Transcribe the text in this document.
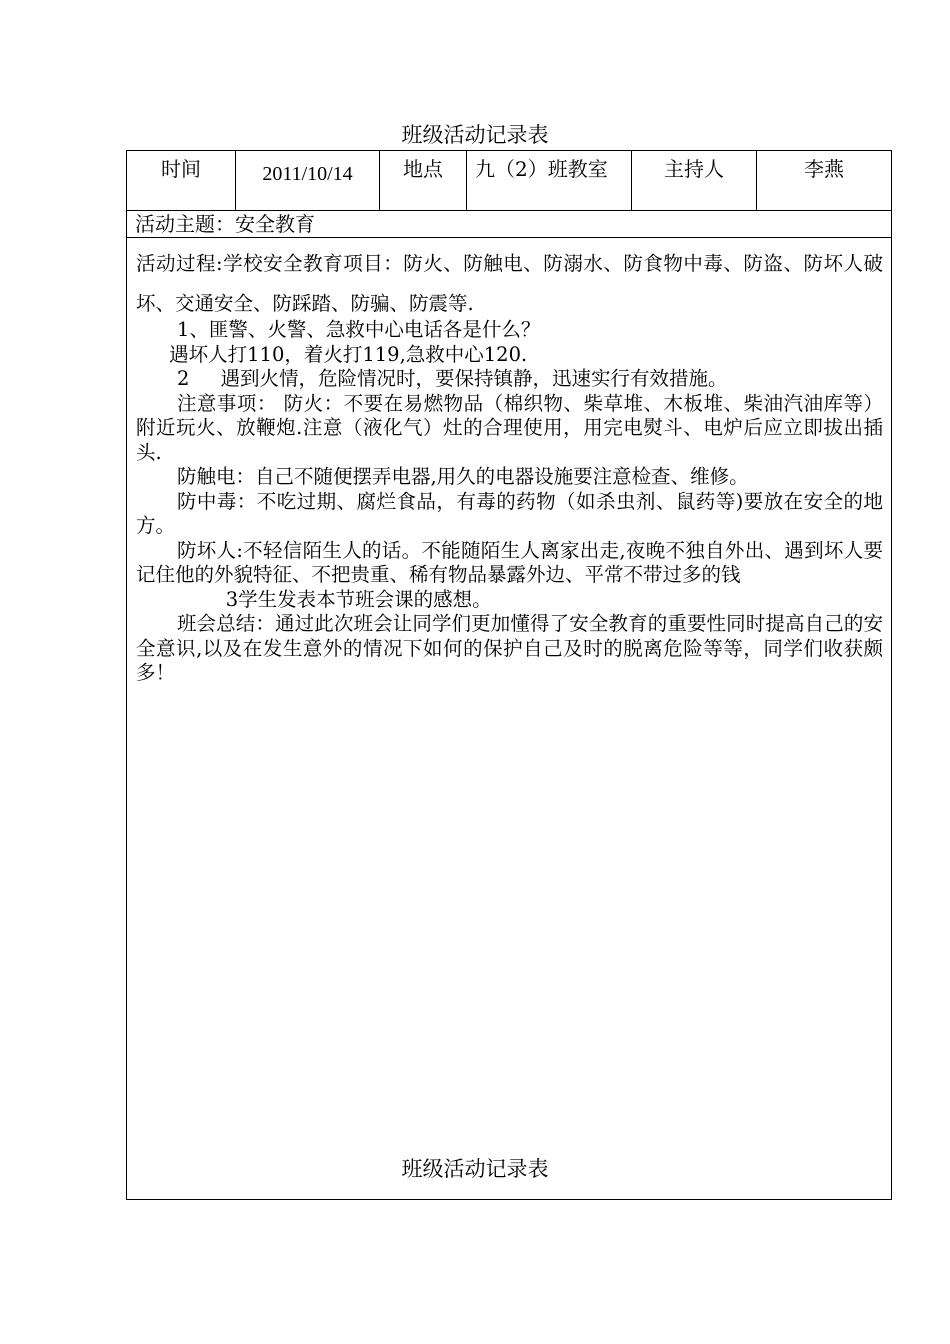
班级活动记录表
时间	2011/10/14	地点	九（2）班教室	主持人	李燕
活动主题：安全教育

活动过程:学校安全教育项目：防火、防触电、防溺水、防食物中毒、防盗、防坏人破坏、交通安全、防踩踏、防骗、防震等.

1、匪警、火警、急救中心电话各是什么？

遇坏人打110，着火打119,急救中心120.

2 遇到火情，危险情况时，要保持镇静，迅速实行有效措施。

注意事项： 防火：不要在易燃物品（棉织物、柴草堆、木板堆、柴油汽油库等）附近玩火、放鞭炮.注意（液化气）灶的合理使用，用完电熨斗、电炉后应立即拔出插头.

防触电：自己不随便摆弄电器,用久的电器设施要注意检查、维修。

防中毒：不吃过期、腐烂食品，有毒的药物（如杀虫剂、鼠药等)要放在安全的地方。

防坏人:不轻信陌生人的话。不能随陌生人离家出走,夜晚不独自外出、遇到坏人要记住他的外貌特征、不把贵重、稀有物品暴露外边、平常不带过多的钱

3学生发表本节班会课的感想。

班会总结：通过此次班会让同学们更加懂得了安全教育的重要性同时提高自己的安全意识,以及在发生意外的情况下如何的保护自己及时的脱离危险等等，同学们收获颇多！

班级活动记录表
